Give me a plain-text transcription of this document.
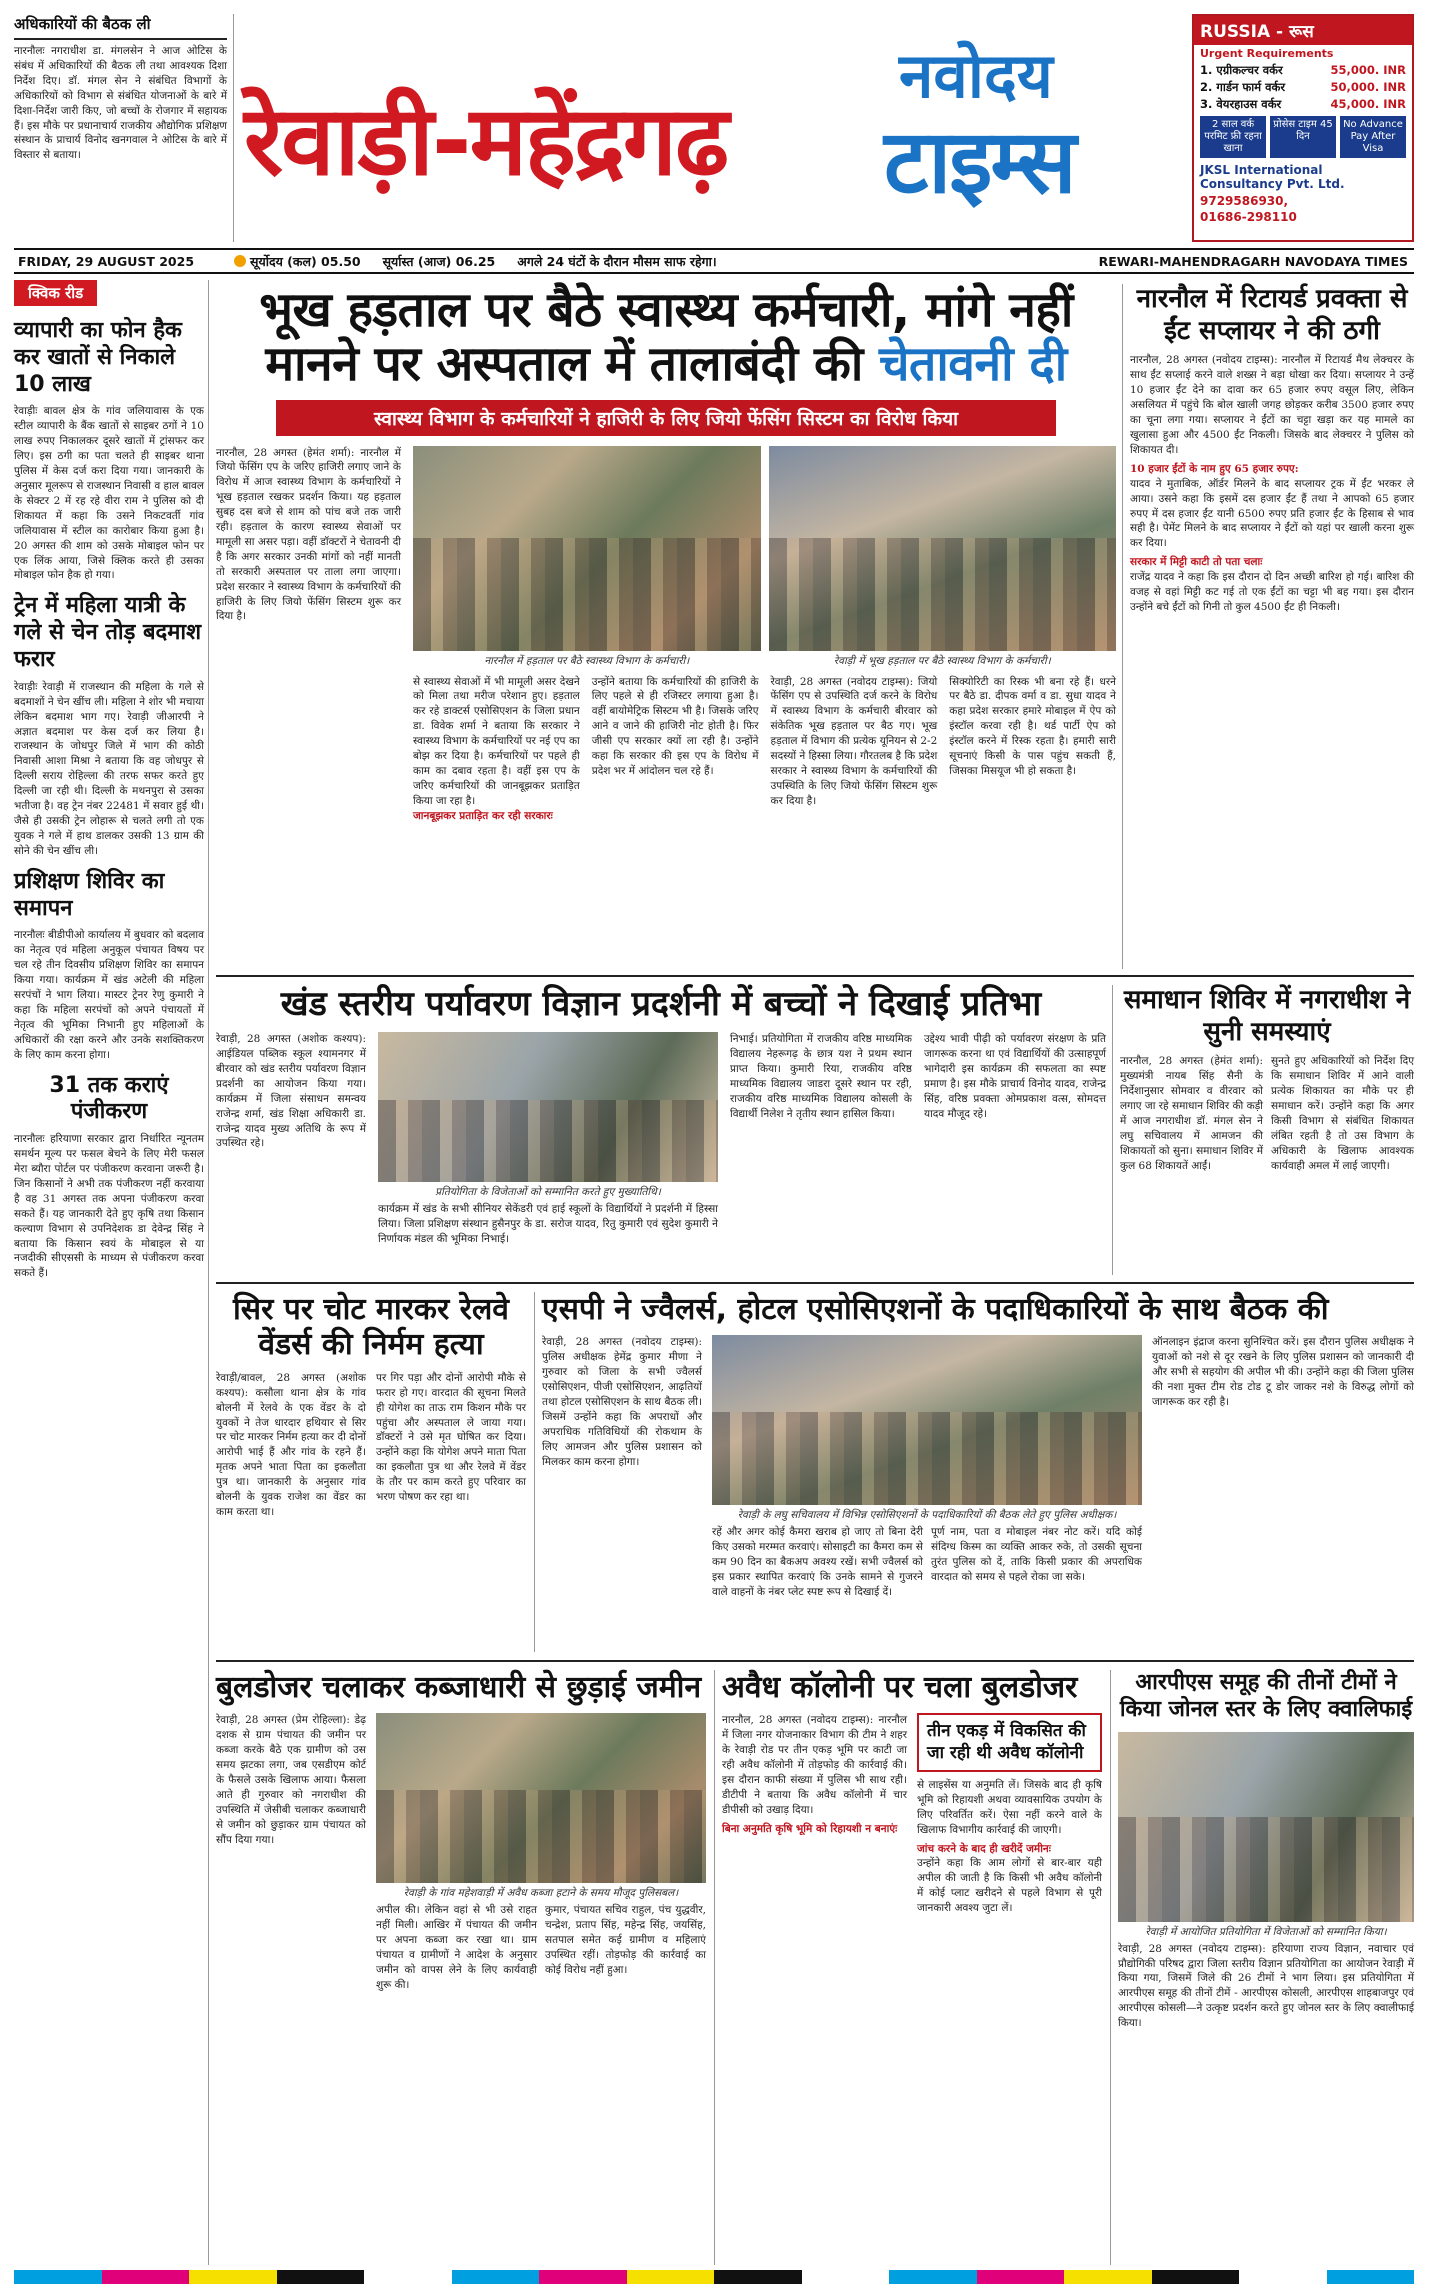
अधिकारियों की बैठक ली

नारनौलः नगराधीश डा. मंगलसेन ने आज ओटिस के संबंध में अधिकारियों की बैठक ली तथा आवश्यक दिशा निर्देश दिए। डॉ. मंगल सेन ने संबंधित विभागों के अधिकारियों को विभाग से संबंधित योजनाओं के बारे में दिशा-निर्देश जारी किए, जो बच्चों के रोजगार में सहायक हैं। इस मौके पर प्रधानाचार्य राजकीय औद्योगिक प्रशिक्षण संस्थान के प्राचार्य विनोद खनगवाल ने ओटिस के बारे में विस्तार से बताया।	रेवाड़ी-महेंद्रगढ़
नवोदय
टाइम्स
RUSSIA - रूस
Urgent Requirements
1. एग्रीकल्चर वर्कर	55,000. INR
2. गार्डन फार्म वर्कर	50,000. INR
3. वेयरहाउस वर्कर	45,000. INR
2 साल वर्क परमिट फ्री रहना खाना
प्रोसेस टाइम 45 दिन
No Advance Pay After Visa
JKSL International Consultancy Pvt. Ltd.
9729586930,
01686-298110
FRIDAY, 29 AUGUST 2025	सूर्योदय (कल) 05.50 सूर्यास्त (आज) 06.25 अगले 24 घंटों के दौरान मौसम साफ रहेगा।	REWARI-MAHENDRAGARH NAVODAYA TIMES
क्विक रीड
व्यापारी का फोन हैक कर खातों से निकाले 10 लाख

रेवाड़ीः बावल क्षेत्र के गांव जलियावास के एक स्टील व्यापारी के बैंक खातों से साइबर ठगों ने 10 लाख रुपए निकालकर दूसरे खातों में ट्रांसफर कर लिए। इस ठगी का पता चलते ही साइबर थाना पुलिस में केस दर्ज करा दिया गया। जानकारी के अनुसार मूलरूप से राजस्थान निवासी व हाल बावल के सेक्टर 2 में रह रहे वीरा राम ने पुलिस को दी शिकायत में कहा कि उसने निकटवर्ती गांव जलियावास में स्टील का कारोबार किया हुआ है। 20 अगस्त की शाम को उसके मोबाइल फोन पर एक लिंक आया, जिसे क्लिक करते ही उसका मोबाइल फोन हैक हो गया।

ट्रेन में महिला यात्री के गले से चेन तोड़ बदमाश फरार

रेवाड़ीः रेवाड़ी में राजस्थान की महिला के गले से बदमाशों ने चेन खींच ली। महिला ने शोर भी मचाया लेकिन बदमाश भाग गए। रेवाड़ी जीआरपी ने अज्ञात बदमाश पर केस दर्ज कर लिया है। राजस्थान के जोधपुर जिले में भाग की कोठी निवासी आशा मिश्रा ने बताया कि वह जोधपुर से दिल्ली सराय रोहिल्ला की तरफ सफर करते हुए दिल्ली जा रही थी। दिल्ली के मथनपुरा से उसका भतीजा है। वह ट्रेन नंबर 22481 में सवार हुई थी। जैसे ही उसकी ट्रेन लोहारू से चलते लगी तो एक युवक ने गले में हाथ डालकर उसकी 13 ग्राम की सोने की चेन खींच ली।

प्रशिक्षण शिविर का समापन

नारनौलः बीडीपीओ कार्यालय में बुधवार को बदलाव का नेतृत्व एवं महिला अनुकूल पंचायत विषय पर चल रहे तीन दिवसीय प्रशिक्षण शिविर का समापन किया गया। कार्यक्रम में खंड अटेली की महिला सरपंचों ने भाग लिया। मास्टर ट्रेनर रेणु कुमारी ने कहा कि महिला सरपंचों को अपने पंचायतों में नेतृत्व की भूमिका निभानी हुए महिलाओं के अधिकारों की रक्षा करने और उनके सशक्तिकरण के लिए काम करना होगा।

31 तक कराएं पंजीकरण

नारनौलः हरियाणा सरकार द्वारा निर्धारित न्यूनतम समर्थन मूल्य पर फसल बेचने के लिए मेरी फसल मेरा ब्यौरा पोर्टल पर पंजीकरण करवाना जरूरी है। जिन किसानों ने अभी तक पंजीकरण नहीं करवाया है वह 31 अगस्त तक अपना पंजीकरण करवा सकते हैं। यह जानकारी देते हुए कृषि तथा किसान कल्याण विभाग से उपनिदेशक डा देवेन्द्र सिंह ने बताया कि किसान स्वयं के मोबाइल से या नजदीकी सीएससी के माध्यम से पंजीकरण करवा सकते हैं।

भूख हड़ताल पर बैठे स्वास्थ्य कर्मचारी, मांगे नहीं
मानने पर अस्पताल में तालाबंदी की चेतावनी दी
स्वास्थ्य विभाग के कर्मचारियों ने हाजिरी के लिए जियो फेंसिंग सिस्टम का विरोध किया

नारनौल, 28 अगस्त (हेमंत शर्मा): नारनौल में जियो फेंसिंग एप के जरिए हाजिरी लगाए जाने के विरोध में आज स्वास्थ्य विभाग के कर्मचारियों ने भूख हड़ताल रखकर प्रदर्शन किया। यह हड़ताल सुबह दस बजे से शाम को पांच बजे तक जारी रही। हड़ताल के कारण स्वास्थ्य सेवाओं पर मामूली सा असर पड़ा। वहीं डॉक्टरों ने चेतावनी दी है कि अगर सरकार उनकी मांगों को नहीं मानती तो सरकारी अस्पताल पर ताला लगा जाएगा। प्रदेश सरकार ने स्वास्थ्य विभाग के कर्मचारियों की हाजिरी के लिए जियो फेंसिंग सिस्टम शुरू कर दिया है।

नारनौल में हड़ताल पर बैठे स्वास्थ्य विभाग के कर्मचारी।	रेवाड़ी में भूख हड़ताल पर बैठे स्वास्थ्य विभाग के कर्मचारी।

से स्वास्थ्य सेवाओं में भी मामूली असर देखने को मिला तथा मरीज परेशान हुए। हड़ताल कर रहे डाक्टर्स एसोसिएशन के जिला प्रधान डा. विवेक शर्मा ने बताया कि सरकार ने स्वास्थ्य विभाग के कर्मचारियों पर नई एप का बोझ कर दिया है। कर्मचारियों पर पहले ही काम का दबाव रहता है। वहीं इस एप के जरिए कर्मचारियों की जानबूझकर प्रताड़ित किया जा रहा है।

जानबूझकर प्रताड़ित कर रही सरकारः

उन्होंने बताया कि कर्मचारियों की हाजिरी के लिए पहले से ही रजिस्टर लगाया हुआ है। वहीं बायोमेट्रिक सिस्टम भी है। जिसके जरिए आने व जाने की हाजिरी नोट होती है। फिर जीसी एप सरकार क्यों ला रही है। उन्होंने कहा कि सरकार की इस एप के विरोध में प्रदेश भर में आंदोलन चल रहे हैं।

रेवाड़ी, 28 अगस्त (नवोदय टाइम्स): जियो फेंसिंग एप से उपस्थिति दर्ज करने के विरोध में स्वास्थ्य विभाग के कर्मचारी बीरवार को संकेतिक भूख हड़ताल पर बैठ गए। भूख हड़ताल में विभाग की प्रत्येक यूनियन से 2-2 सदस्यों ने हिस्सा लिया। गौरतलब है कि प्रदेश सरकार ने स्वास्थ्य विभाग के कर्मचारियों की उपस्थिति के लिए जियो फेंसिंग सिस्टम शुरू कर दिया है।

सिक्योरिटी का रिस्क भी बना रहे हैं। धरने पर बैठे डा. दीपक वर्मा व डा. सुधा यादव ने कहा प्रदेश सरकार हमारे मोबाइल में ऐप को इंस्टॉल करवा रही है। थर्ड पार्टी ऐप को इंस्टॉल करने में रिस्क रहता है। हमारी सारी सूचनाएं किसी के पास पहुंच सकती हैं, जिसका मिसयूज भी हो सकता है।

नारनौल में रिटायर्ड प्रवक्ता से ईंट सप्लायर ने की ठगी

नारनौल, 28 अगस्त (नवोदय टाइम्स): नारनौल में रिटायर्ड मैथ लेक्चरर के साथ ईंट सप्लाई करने वाले शख्स ने बड़ा धोखा कर दिया। सप्लायर ने उन्हें 10 हजार ईंट देने का दावा कर 65 हजार रुपए वसूल लिए, लेकिन असलियत में पहुंचे कि बोल खाली जगह छोड़कर करीब 3500 हजार रुपए का चूना लगा गया। सप्लायर ने ईंटों का चट्टा खड़ा कर यह मामले का खुलासा हुआ और 4500 ईंट निकली। जिसके बाद लेक्चरर ने पुलिस को शिकायत दी।

10 हजार ईंटों के नाम हुए 65 हजार रुपए:

यादव ने मुताबिक, ऑर्डर मिलने के बाद सप्लायर ट्रक में ईंट भरकर ले आया। उसने कहा कि इसमें दस हजार ईंट हैं तथा ने आपको 65 हजार रुपए में दस हजार ईंट यानी 6500 रुपए प्रति हजार ईंट के हिसाब से भाव सही है। पेमेंट मिलने के बाद सप्लायर ने ईंटों को यहां पर खाली करना शुरू कर दिया।

सरकार में मिट्टी काटी तो पता चलाः

राजेंद्र यादव ने कहा कि इस दौरान दो दिन अच्छी बारिश हो गई। बारिश की वजह से वहां मिट्टी कट गई तो एक ईंटों का चट्टा भी बह गया। इस दौरान उन्होंने बचे ईंटों को गिनी तो कुल 4500 ईंट ही निकली।

खंड स्तरीय पर्यावरण विज्ञान प्रदर्शनी में बच्चों ने दिखाई प्रतिभा

रेवाड़ी, 28 अगस्त (अशोक कश्यप): आईडियल पब्लिक स्कूल श्यामनगर में बीरवार को खंड स्तरीय पर्यावरण विज्ञान प्रदर्शनी का आयोजन किया गया। कार्यक्रम में जिला संसाधन समन्वय राजेन्द्र शर्मा, खंड शिक्षा अधिकारी डा. राजेन्द्र यादव मुख्य अतिथि के रूप में उपस्थित रहे।

प्रतियोगिता के विजेताओं को सम्मानित करते हुए मुख्यातिथि।

कार्यक्रम में खंड के सभी सीनियर सेकेंडरी एवं हाई स्कूलों के विद्यार्थियों ने प्रदर्शनी में हिस्सा लिया। जिला प्रशिक्षण संस्थान हुसैनपुर के डा. सरोज यादव, रितु कुमारी एवं सुदेश कुमारी ने निर्णायक मंडल की भूमिका निभाई।

निभाई। प्रतियोगिता में राजकीय वरिष्ठ माध्यमिक विद्यालय नेहरूगढ़ के छात्र यश ने प्रथम स्थान प्राप्त किया। कुमारी रिया, राजकीय वरिष्ठ माध्यमिक विद्यालय जाडरा दूसरे स्थान पर रही, राजकीय वरिष्ठ माध्यमिक विद्यालय कोसली के विद्यार्थी निलेश ने तृतीय स्थान हासिल किया।

उद्देश्य भावी पीढ़ी को पर्यावरण संरक्षण के प्रति जागरूक करना था एवं विद्यार्थियों की उत्साहपूर्ण भागेदारी इस कार्यक्रम की सफलता का स्पष्ट प्रमाण है। इस मौके प्राचार्य विनोद यादव, राजेन्द्र सिंह, वरिष्ठ प्रवक्ता ओमप्रकाश वत्स, सोमदत्त यादव मौजूद रहे।

समाधान शिविर में नगराधीश ने सुनी समस्याएं

नारनौल, 28 अगस्त (हेमंत शर्मा): मुख्यमंत्री नायब सिंह सैनी के निर्देशानुसार सोमवार व वीरवार को लगाए जा रहे समाधान शिविर की कड़ी में आज नगराधीश डॉ. मंगल सेन ने लघु सचिवालय में आमजन की शिकायतों को सुना। समाधान शिविर में कुल 68 शिकायतें आईं।

सुनते हुए अधिकारियों को निर्देश दिए कि समाधान शिविर में आने वाली प्रत्येक शिकायत का मौके पर ही समाधान करें। उन्होंने कहा कि अगर किसी विभाग से संबंधित शिकायत लंबित रहती है तो उस विभाग के अधिकारी के खिलाफ आवश्यक कार्यवाही अमल में लाई जाएगी।

सिर पर चोट मारकर रेलवे वेंडर्स की निर्मम हत्या

रेवाड़ी/बावल, 28 अगस्त (अशोक कश्यप): कसौला थाना क्षेत्र के गांव बोलनी में रेलवे के एक वेंडर के दो युवकों ने तेज धारदार हथियार से सिर पर चोट मारकर निर्मम हत्या कर दी दोनों आरोपी भाई हैं और गांव के रहने हैं। मृतक अपने भाता पिता का इकलौता पुत्र था। जानकारी के अनुसार गांव बोलनी के युवक राजेश का वेंडर का काम करता था।

पर गिर पड़ा और दोनों आरोपी मौके से फरार हो गए। वारदात की सूचना मिलते ही योगेश का ताऊ राम किशन मौके पर पहुंचा और अस्पताल ले जाया गया। डॉक्टरों ने उसे मृत घोषित कर दिया। उन्होंने कहा कि योगेश अपने माता पिता का इकलौता पुत्र था और रेलवे में वेंडर के तौर पर काम करते हुए परिवार का भरण पोषण कर रहा था।

एसपी ने ज्वैलर्स, होटल एसोसिएशनों के पदाधिकारियों के साथ बैठक की

रेवाड़ी, 28 अगस्त (नवोदय टाइम्स): पुलिस अधीक्षक हेमेंद्र कुमार मीणा ने गुरुवार को जिला के सभी ज्वैलर्स एसोसिएशन, पीजी एसोसिएशन, आढ़तियों तथा होटल एसोसिएशन के साथ बैठक ली। जिसमें उन्होंने कहा कि अपराधों और अपराधिक गतिविधियों की रोकथाम के लिए आमजन और पुलिस प्रशासन को मिलकर काम करना होगा।

रेवाड़ी के लघु सचिवालय में विभिन्न एसोसिएशनों के पदाधिकारियों की बैठक लेते हुए पुलिस अधीक्षक।

रहें और अगर कोई कैमरा खराब हो जाए तो बिना देरी किए उसको मरम्मत करवाएं। सोसाइटी का कैमरा कम से कम 90 दिन का बैकअप अवश्य रखें। सभी ज्वैलर्स को इस प्रकार स्थापित करवाएं कि उनके सामने से गुजरने वाले वाहनों के नंबर प्लेट स्पष्ट रूप से दिखाई दें।

पूर्ण नाम, पता व मोबाइल नंबर नोट करें। यदि कोई संदिग्ध किस्म का व्यक्ति आकर रुके, तो उसकी सूचना तुरंत पुलिस को दें, ताकि किसी प्रकार की अपराधिक वारदात को समय से पहले रोका जा सके।

ऑनलाइन इंद्राज करना सुनिश्चित करें। इस दौरान पुलिस अधीक्षक ने युवाओं को नशे से दूर रखने के लिए पुलिस प्रशासन को जानकारी दी और सभी से सहयोग की अपील भी की। उन्होंने कहा की जिला पुलिस की नशा मुक्त टीम रोड टोड टू डोर जाकर नशे के विरुद्ध लोगों को जागरूक कर रही है।

बुलडोजर चलाकर कब्जाधारी से छुड़ाई जमीन

रेवाड़ी, 28 अगस्त (प्रेम रोहिल्ला): डेढ़ दशक से ग्राम पंचायत की जमीन पर कब्जा करके बैठे एक ग्रामीण को उस समय झटका लगा, जब एसडीएम कोर्ट के फैसले उसके खिलाफ आया। फैसला आते ही गुरुवार को नगराधीश की उपस्थिति में जेसीबी चलाकर कब्जाधारी से जमीन को छुड़ाकर ग्राम पंचायत को सौंप दिया गया।

रेवाड़ी के गांव महेशवाड़ी में अवैध कब्जा हटाने के समय मौजूद पुलिसबल।

अपील की। लेकिन वहां से भी उसे राहत नहीं मिली। आखिर में पंचायत की जमीन पर अपना कब्जा कर रखा था। ग्राम पंचायत व ग्रामीणों ने आदेश के अनुसार जमीन को वापस लेने के लिए कार्यवाही शुरू की।

कुमार, पंचायत सचिव राहुल, पंच युद्धवीर, चन्द्रेश, प्रताप सिंह, महेन्द्र सिंह, जयसिंह, सतपाल समेत कई ग्रामीण व महिलाएं उपस्थित रहीं। तोड़फोड़ की कार्रवाई का कोई विरोध नहीं हुआ।

अवैध कॉलोनी पर चला बुलडोजर

नारनौल, 28 अगस्त (नवोदय टाइम्स): नारनौल में जिला नगर योजनाकार विभाग की टीम ने शहर के रेवाड़ी रोड पर तीन एकड़ भूमि पर काटी जा रही अवैध कॉलोनी में तोड़फोड़ की कार्रवाई की। इस दौरान काफी संख्या में पुलिस भी साथ रही। डीटीपी ने बताया कि अवैध कॉलोनी में चार डीपीसी को उखाड़ दिया।

बिना अनुमति कृषि भूमि को रिहायशी न बनाएंः

तीन एकड़ में विकसित की जा रही थी अवैध कॉलोनी

से लाइसेंस या अनुमति लें। जिसके बाद ही कृषि भूमि को रिहायशी अथवा व्यावसायिक उपयोग के लिए परिवर्तित करें। ऐसा नहीं करने वाले के खिलाफ विभागीय कार्रवाई की जाएगी।

जांच करने के बाद ही खरीदें जमीनः

उन्होंने कहा कि आम लोगों से बार-बार यही अपील की जाती है कि किसी भी अवैध कॉलोनी में कोई प्लाट खरीदने से पहले विभाग से पूरी जानकारी अवश्य जुटा लें।

आरपीएस समूह की तीनों टीमों ने किया जोनल स्तर के लिए क्वालिफाई
रेवाड़ी में आयोजित प्रतियोगिता में विजेताओं को सम्मानित किया।

रेवाड़ी, 28 अगस्त (नवोदय टाइम्स): हरियाणा राज्य विज्ञान, नवाचार एवं प्रौद्योगिकी परिषद द्वारा जिला स्तरीय विज्ञान प्रतियोगिता का आयोजन रेवाड़ी में किया गया, जिसमें जिले की 26 टीमों ने भाग लिया। इस प्रतियोगिता में आरपीएस समूह की तीनों टीमें - आरपीएस कोसली, आरपीएस शाहबाजपुर एवं आरपीएस कोसली—ने उत्कृष्ट प्रदर्शन करते हुए जोनल स्तर के लिए क्वालीफाई किया।
